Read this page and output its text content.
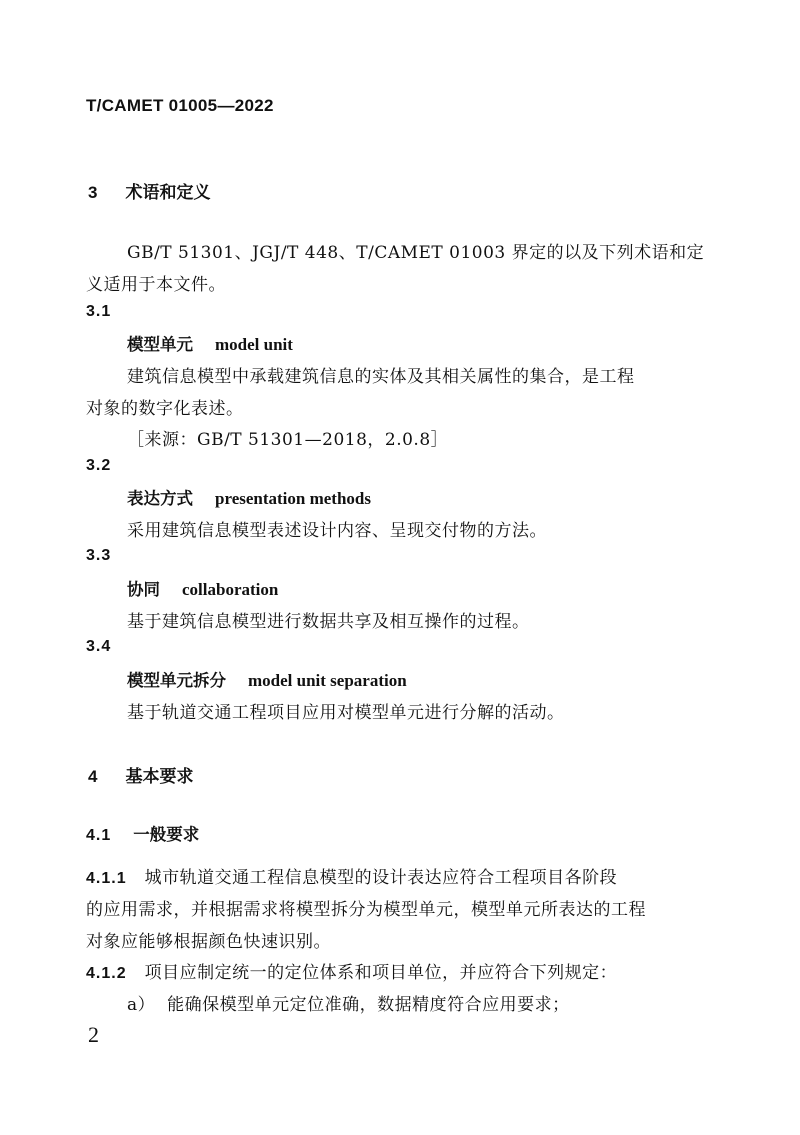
T/CAMET 01005—2022
3 术语和定义
GB/T 51301、JGJ/T 448、T/CAMET 01003 界定的以及下列术语和定
义适用于本文件。
3.1
模型单元 model unit
建筑信息模型中承载建筑信息的实体及其相关属性的集合，是工程
对象的数字化表述。
［来源：GB/T 51301—2018，2.0.8］
3.2
表达方式 presentation methods
采用建筑信息模型表述设计内容、呈现交付物的方法。
3.3
协同 collaboration
基于建筑信息模型进行数据共享及相互操作的过程。
3.4
模型单元拆分 model unit separation
基于轨道交通工程项目应用对模型单元进行分解的活动。
4 基本要求
4.1 一般要求
4.1.1 城市轨道交通工程信息模型的设计表达应符合工程项目各阶段
的应用需求，并根据需求将模型拆分为模型单元，模型单元所表达的工程
对象应能够根据颜色快速识别。
4.1.2 项目应制定统一的定位体系和项目单位，并应符合下列规定：
a） 能确保模型单元定位准确，数据精度符合应用要求；
2
